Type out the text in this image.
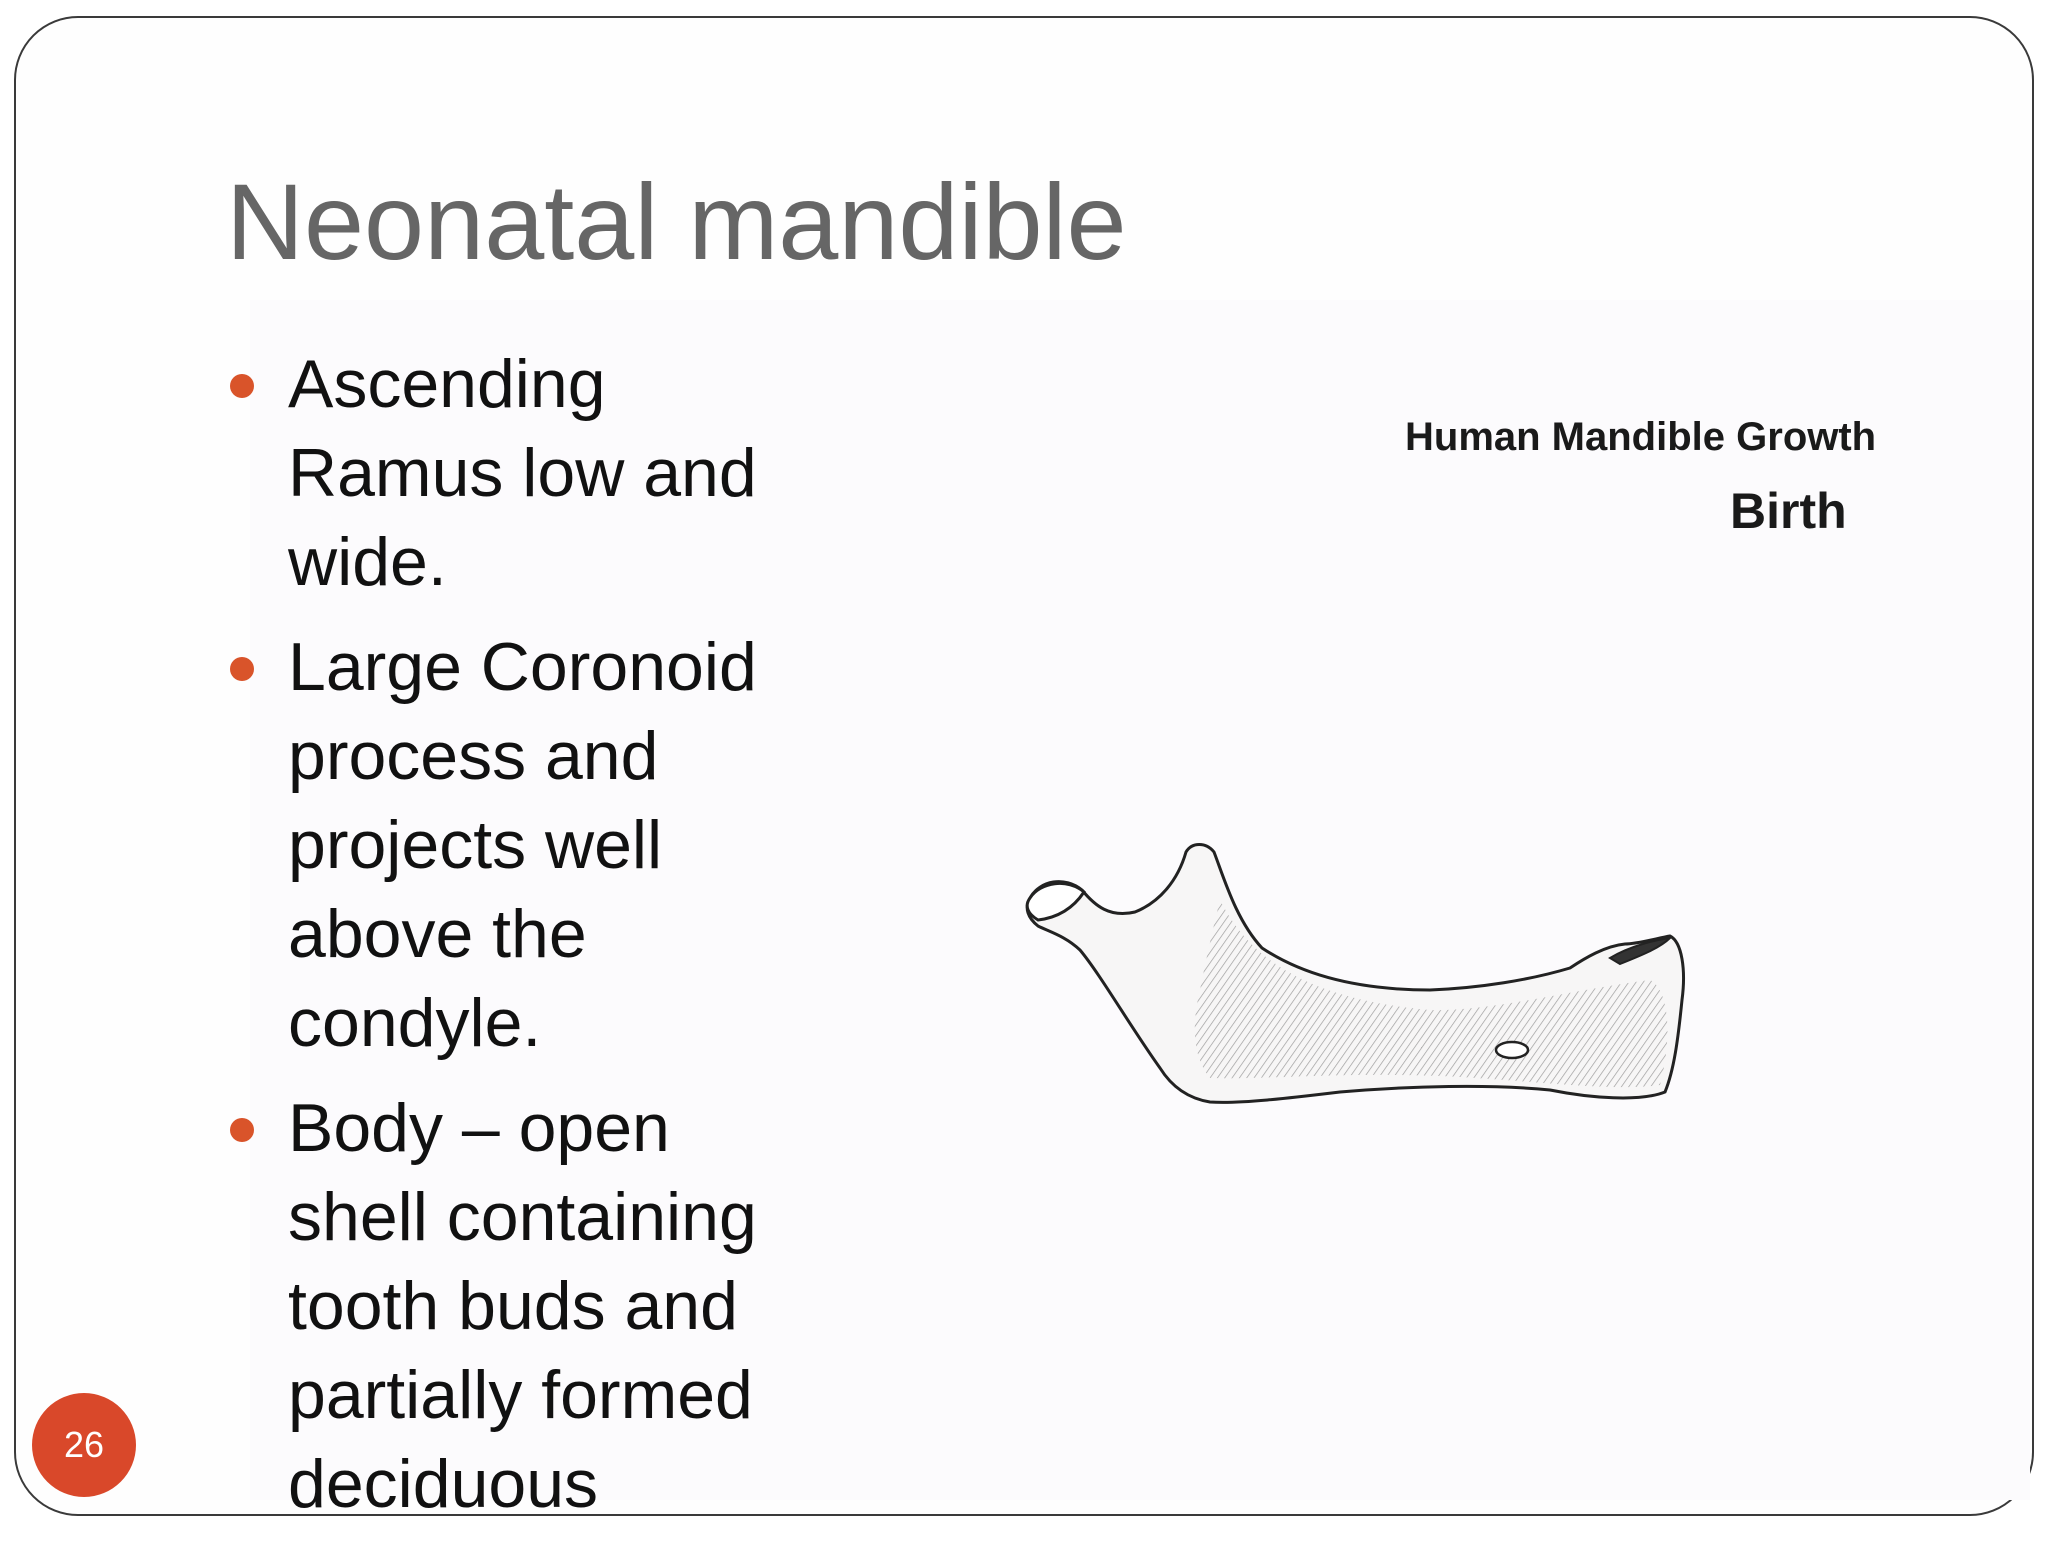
Neonatal mandible
Ascending Ramus low and wide.
Large Coronoid process and projects well above the condyle.
Body – open shell containing tooth buds and partially formed deciduous
Human Mandible Growth
Birth
26
